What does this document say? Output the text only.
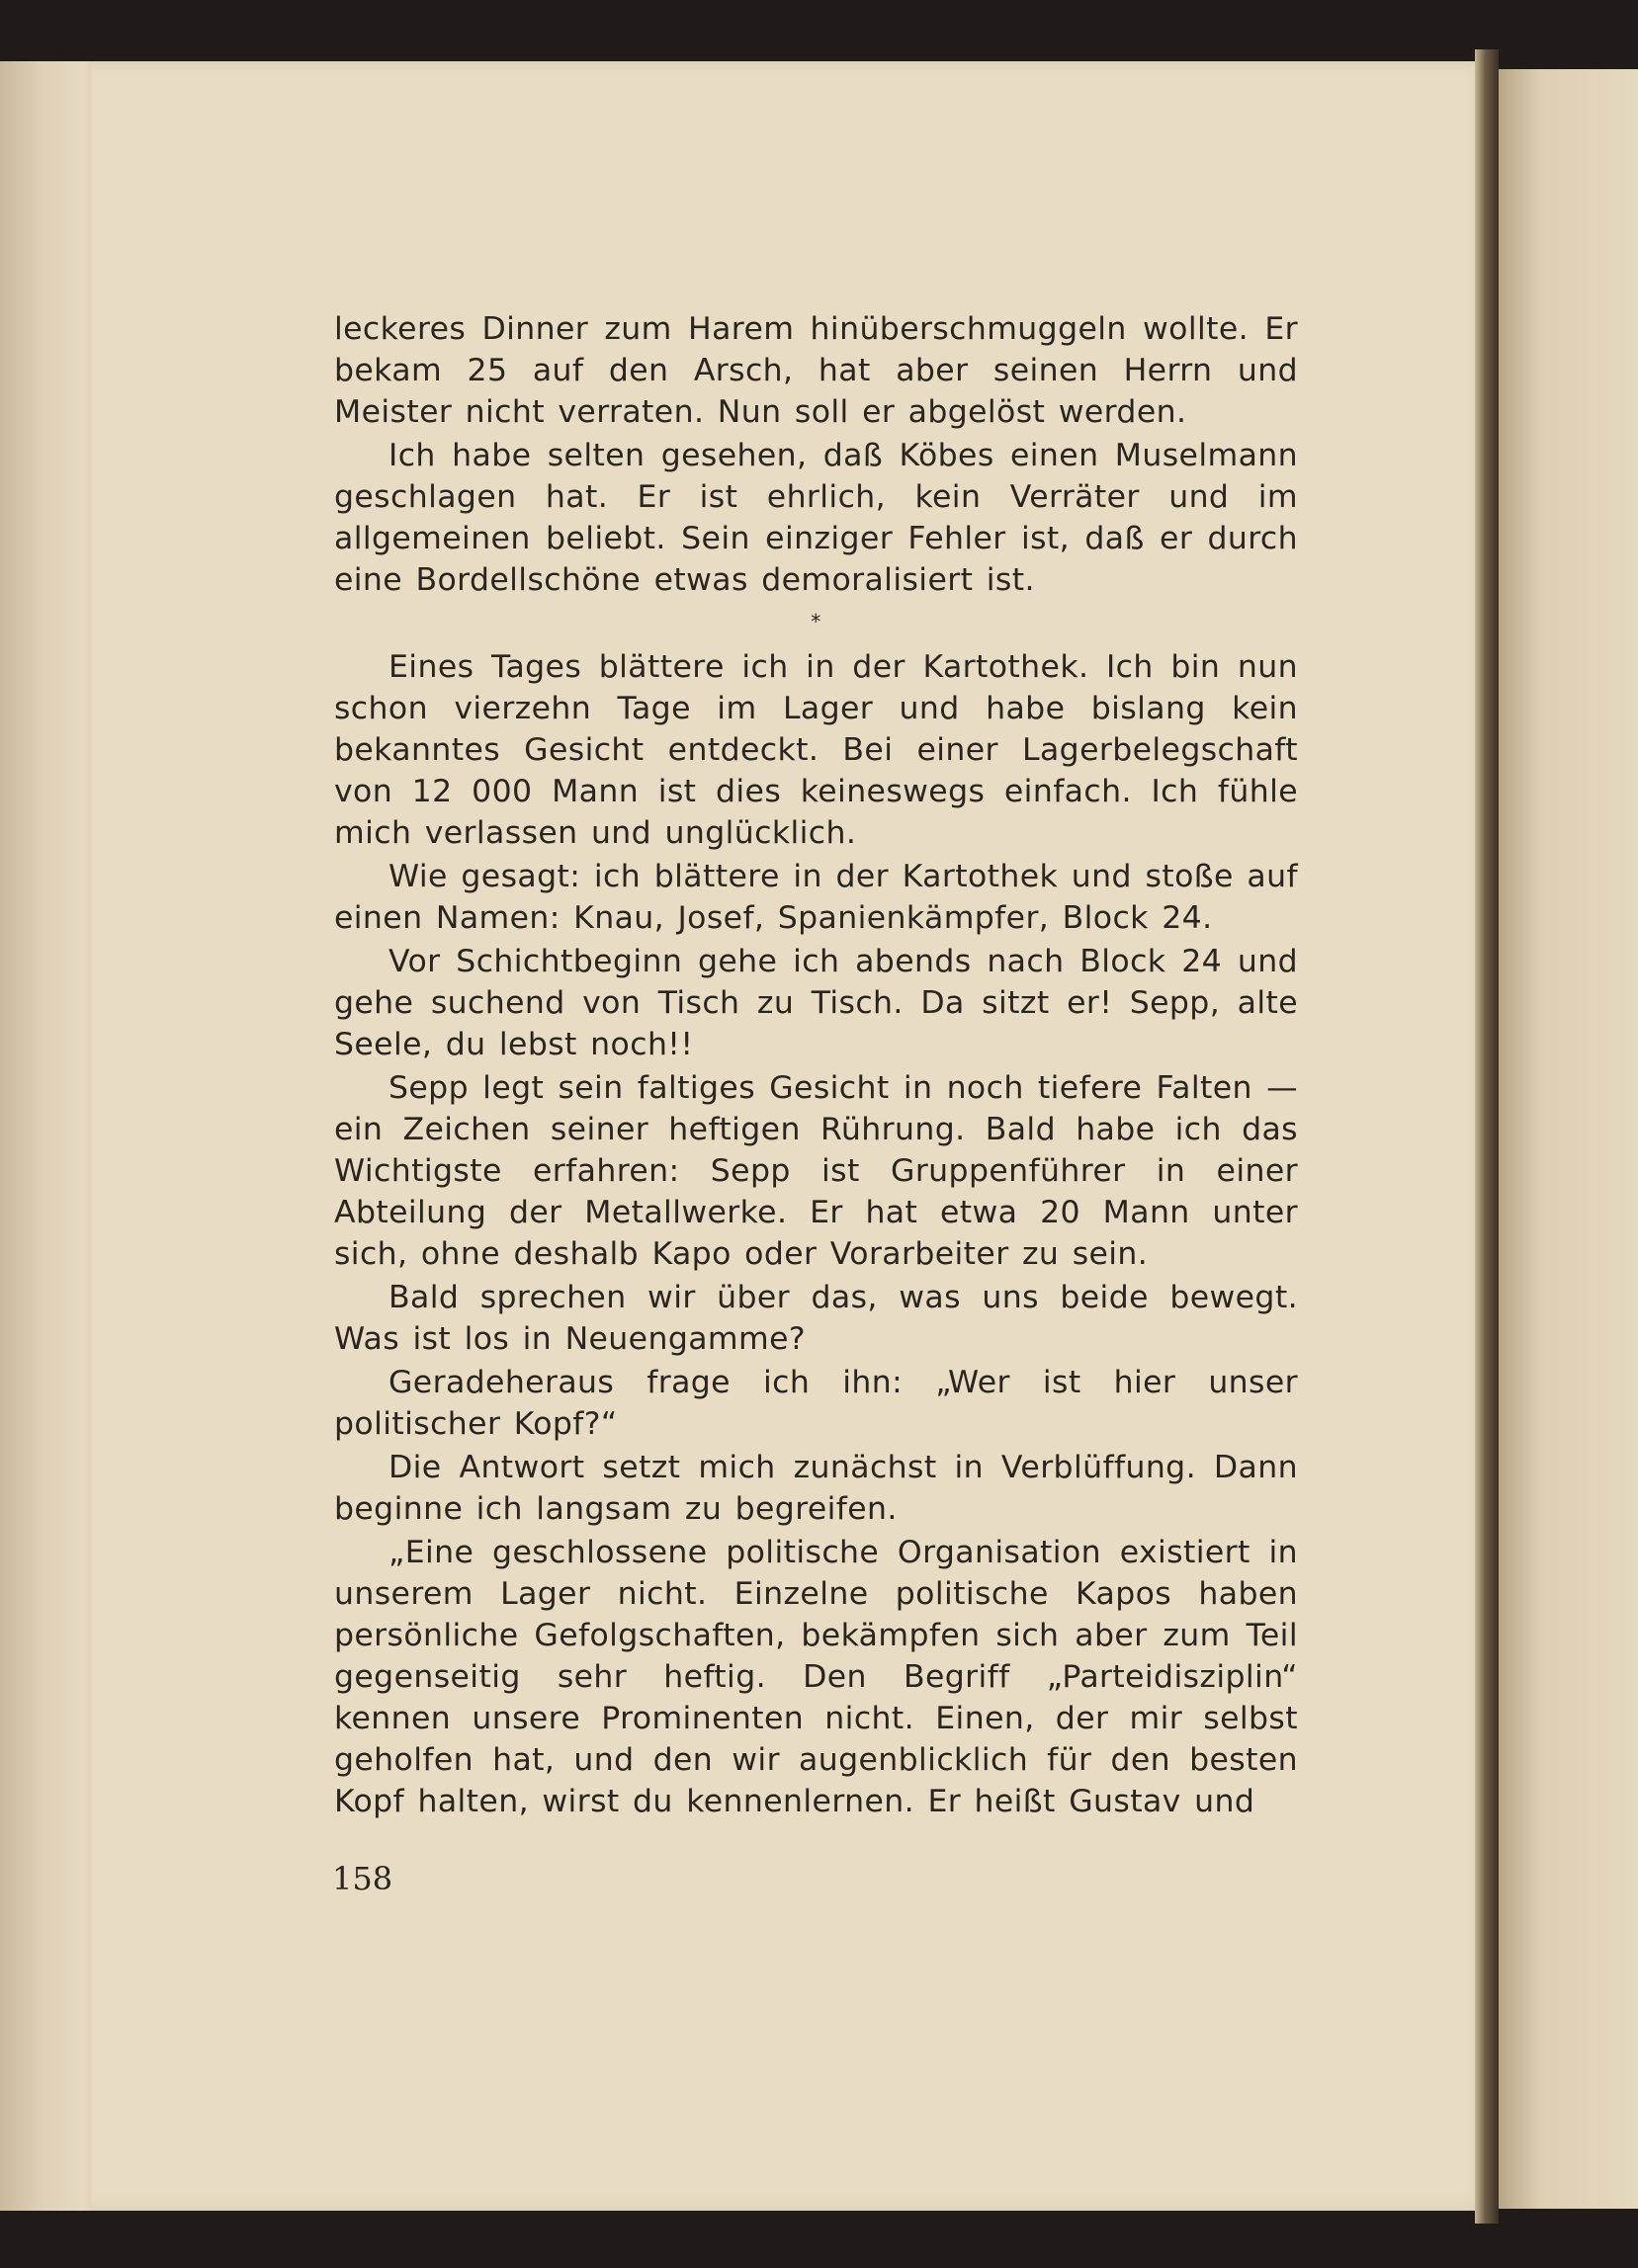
leckeres Dinner zum Harem hinüberschmuggeln wollte. Er bekam 25 auf den Arsch, hat aber seinen Herrn und Meister nicht verraten. Nun soll er abgelöst werden.

Ich habe selten gesehen, daß Köbes einen Muselmann geschlagen hat. Er ist ehrlich, kein Verräter und im allgemeinen beliebt. Sein einziger Fehler ist, daß er durch eine Bordellschöne etwas demoralisiert ist.

*

Eines Tages blättere ich in der Kartothek. Ich bin nun schon vierzehn Tage im Lager und habe bislang kein bekanntes Gesicht entdeckt. Bei einer Lagerbelegschaft von 12 000 Mann ist dies keineswegs einfach. Ich fühle mich verlassen und unglücklich.

Wie gesagt: ich blättere in der Kartothek und stoße auf einen Namen: Knau, Josef, Spanienkämpfer, Block 24.

Vor Schichtbeginn gehe ich abends nach Block 24 und gehe suchend von Tisch zu Tisch. Da sitzt er! Sepp, alte Seele, du lebst noch!!

Sepp legt sein faltiges Gesicht in noch tiefere Falten — ein Zeichen seiner heftigen Rührung. Bald habe ich das Wichtigste erfahren: Sepp ist Gruppenführer in einer Abteilung der Metallwerke. Er hat etwa 20 Mann unter sich, ohne deshalb Kapo oder Vorarbeiter zu sein.

Bald sprechen wir über das, was uns beide bewegt. Was ist los in Neuengamme?

Geradeheraus frage ich ihn: „Wer ist hier unser politischer Kopf?“

Die Antwort setzt mich zunächst in Verblüffung. Dann beginne ich langsam zu begreifen.

„Eine geschlossene politische Organisation existiert in unserem Lager nicht. Einzelne politische Kapos haben persönliche Gefolgschaften, bekämpfen sich aber zum Teil gegenseitig sehr heftig. Den Begriff „Parteidisziplin“ kennen unsere Prominenten nicht. Einen, der mir selbst geholfen hat, und den wir augenblicklich für den besten Kopf halten, wirst du kennenlernen. Er heißt Gustav und

158
